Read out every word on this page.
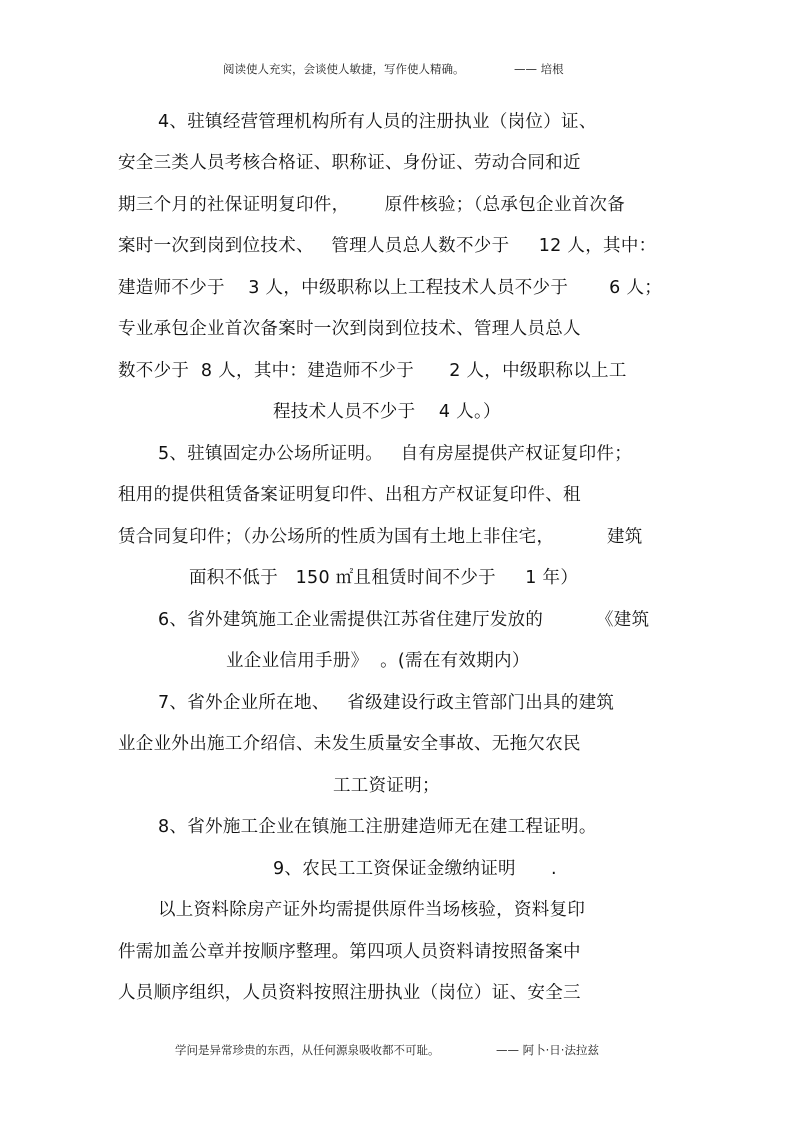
阅读使人充实，会谈使人敏捷，写作使人精确。	—— 培根
4、驻镇经营管理机构所有人员的注册执业（岗位）证、
安全三类人员考核合格证、职称证、身份证、劳动合同和近
期三个月的社保证明复印件，      原件核验；（总承包企业首次备
案时一次到岗到位技术、   管理人员总人数不少于     12 人，其中：
建造师不少于    3 人，中级职称以上工程技术人员不少于       6 人；
专业承包企业首次备案时一次到岗到位技术、管理人员总人
数不少于  8 人，其中：建造师不少于      2 人，中级职称以上工
程技术人员不少于    4 人。）
5、驻镇固定办公场所证明。   自有房屋提供产权证复印件；
租用的提供租赁备案证明复印件、出租方产权证复印件、租
赁合同复印件；（办公场所的性质为国有土地上非住宅，         建筑
面积不低于   150 ㎡且租赁时间不少于     1 年）
6、省外建筑施工企业需提供江苏省住建厅发放的         《建筑
业企业信用手册》  。(需在有效期内）
7、省外企业所在地、   省级建设行政主管部门出具的建筑
业企业外出施工介绍信、未发生质量安全事故、无拖欠农民
工工资证明；
8、省外施工企业在镇施工注册建造师无在建工程证明。
9、农民工工资保证金缴纳证明      .
以上资料除房产证外均需提供原件当场核验，资料复印
件需加盖公章并按顺序整理。第四项人员资料请按照备案中
人员顺序组织，人员资料按照注册执业（岗位）证、安全三
学问是异常珍贵的东西，从任何源泉吸收都不可耻。	—— 阿卜·日·法拉兹
